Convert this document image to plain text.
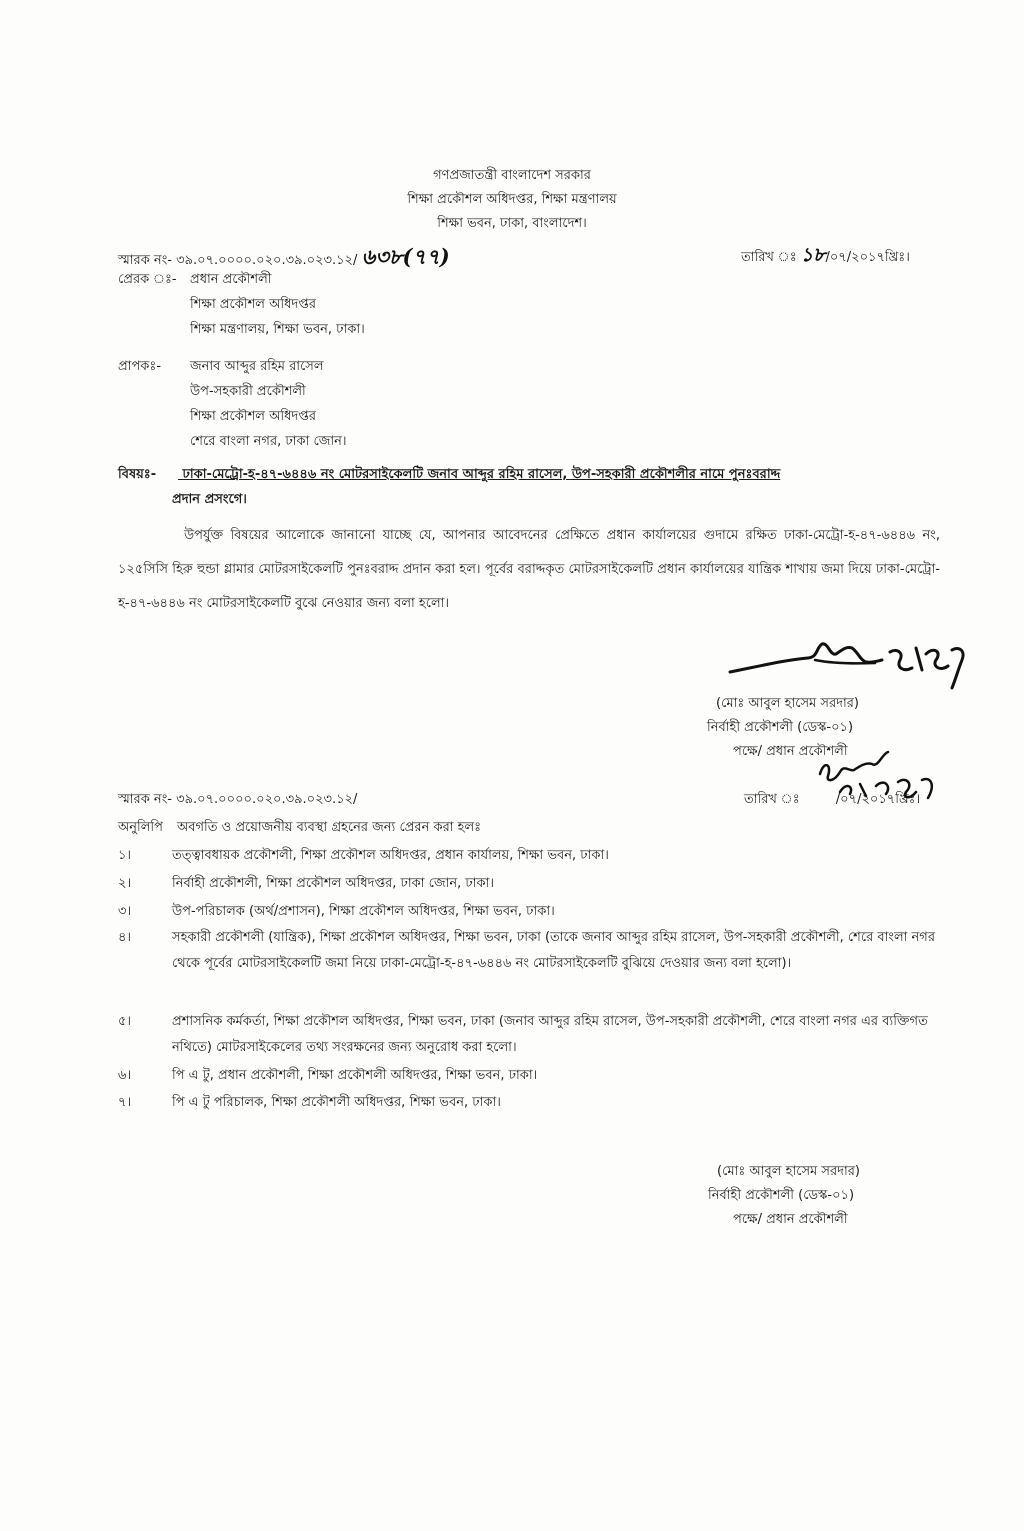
গণপ্রজাতন্ত্রী বাংলাদেশ সরকার
শিক্ষা প্রকৌশল অধিদপ্তর, শিক্ষা মন্ত্রণালয়
শিক্ষা ভবন, ঢাকা, বাংলাদেশ।
স্মারক নং- ৩৯.০৭.০০০০.০২০.৩৯.০২৩.১২/ ৬৩৮(৭৭)	তারিখ ঃ ১৮/০৭/২০১৭খ্রিঃ।
প্রেরক ঃ- প্রধান প্রকৌশলী
শিক্ষা প্রকৌশল অধিদপ্তর
শিক্ষা মন্ত্রণালয়, শিক্ষা ভবন, ঢাকা।
প্রাপকঃ- জনাব আব্দুর রহিম রাসেল
উপ-সহকারী প্রকৌশলী
শিক্ষা প্রকৌশল অধিদপ্তর
শেরে বাংলা নগর, ঢাকা জোন।
বিষয়ঃ- ঢাকা-মেট্রো-হ-৪৭-৬৪৪৬ নং মোটরসাইকেলটি জনাব আব্দুর রহিম রাসেল, উপ-সহকারী প্রকৌশলীর নামে পুনঃবরাদ্দ
প্রদান প্রসংগে।
উপর্যুক্ত বিষয়ের আলোকে জানানো যাচ্ছে যে, আপনার আবেদনের প্রেক্ষিতে প্রধান কার্যালয়ের গুদামে রক্ষিত ঢাকা-মেট্রো-হ-৪৭-৬৪৪৬ নং, ১২৫সিসি হিরু হুন্ডা গ্লামার মোটরসাইকেলটি পুনঃবরাদ্দ প্রদান করা হল। পূর্বের বরাদ্দকৃত মোটরসাইকেলটি প্রধান কার্যালয়ের যান্ত্রিক শাখায় জমা দিয়ে ঢাকা-মেট্রো-হ-৪৭-৬৪৪৬ নং মোটরসাইকেলটি বুঝে নেওয়ার জন্য বলা হলো।
(মোঃ আবুল হাসেম সরদার)
নির্বাহী প্রকৌশলী (ডেস্ক-০১)
পক্ষে/ প্রধান প্রকৌশলী
স্মারক নং- ৩৯.০৭.০০০০.০২০.৩৯.০২৩.১২/	তারিখ ঃ	/০৭/২০১৭খ্রিঃ।
অনুলিপি অবগতি ও প্রয়োজনীয় ব্যবস্থা গ্রহনের জন্য প্রেরন করা হলঃ
১।	তত্ত্বাবধায়ক প্রকৌশলী, শিক্ষা প্রকৌশল অধিদপ্তর, প্রধান কার্যালয়, শিক্ষা ভবন, ঢাকা।
২।	নির্বাহী প্রকৌশলী, শিক্ষা প্রকৌশল অধিদপ্তর, ঢাকা জোন, ঢাকা।
৩।	উপ-পরিচালক (অর্থ/প্রশাসন), শিক্ষা প্রকৌশল অধিদপ্তর, শিক্ষা ভবন, ঢাকা।
৪।	সহকারী প্রকৌশলী (যান্ত্রিক), শিক্ষা প্রকৌশল অধিদপ্তর, শিক্ষা ভবন, ঢাকা (তাকে জনাব আব্দুর রহিম রাসেল, উপ-সহকারী প্রকৌশলী, শেরে বাংলা নগর থেকে পূর্বের মোটরসাইকেলটি জমা নিয়ে ঢাকা-মেট্রো-হ-৪৭-৬৪৪৬ নং মোটরসাইকেলটি বুঝিয়ে দেওয়ার জন্য বলা হলো)।
৫।	প্রশাসনিক কর্মকর্তা, শিক্ষা প্রকৌশল অধিদপ্তর, শিক্ষা ভবন, ঢাকা (জনাব আব্দুর রহিম রাসেল, উপ-সহকারী প্রকৌশলী, শেরে বাংলা নগর এর ব্যক্তিগত নথিতে) মোটরসাইকেলের তথ্য সংরক্ষনের জন্য অনুরোধ করা হলো।
৬।	পি এ টু, প্রধান প্রকৌশলী, শিক্ষা প্রকৌশলী অধিদপ্তর, শিক্ষা ভবন, ঢাকা।
৭।	পি এ টু পরিচালক, শিক্ষা প্রকৌশলী অধিদপ্তর, শিক্ষা ভবন, ঢাকা।
(মোঃ আবুল হাসেম সরদার)
নির্বাহী প্রকৌশলী (ডেস্ক-০১)
পক্ষে/ প্রধান প্রকৌশলী
